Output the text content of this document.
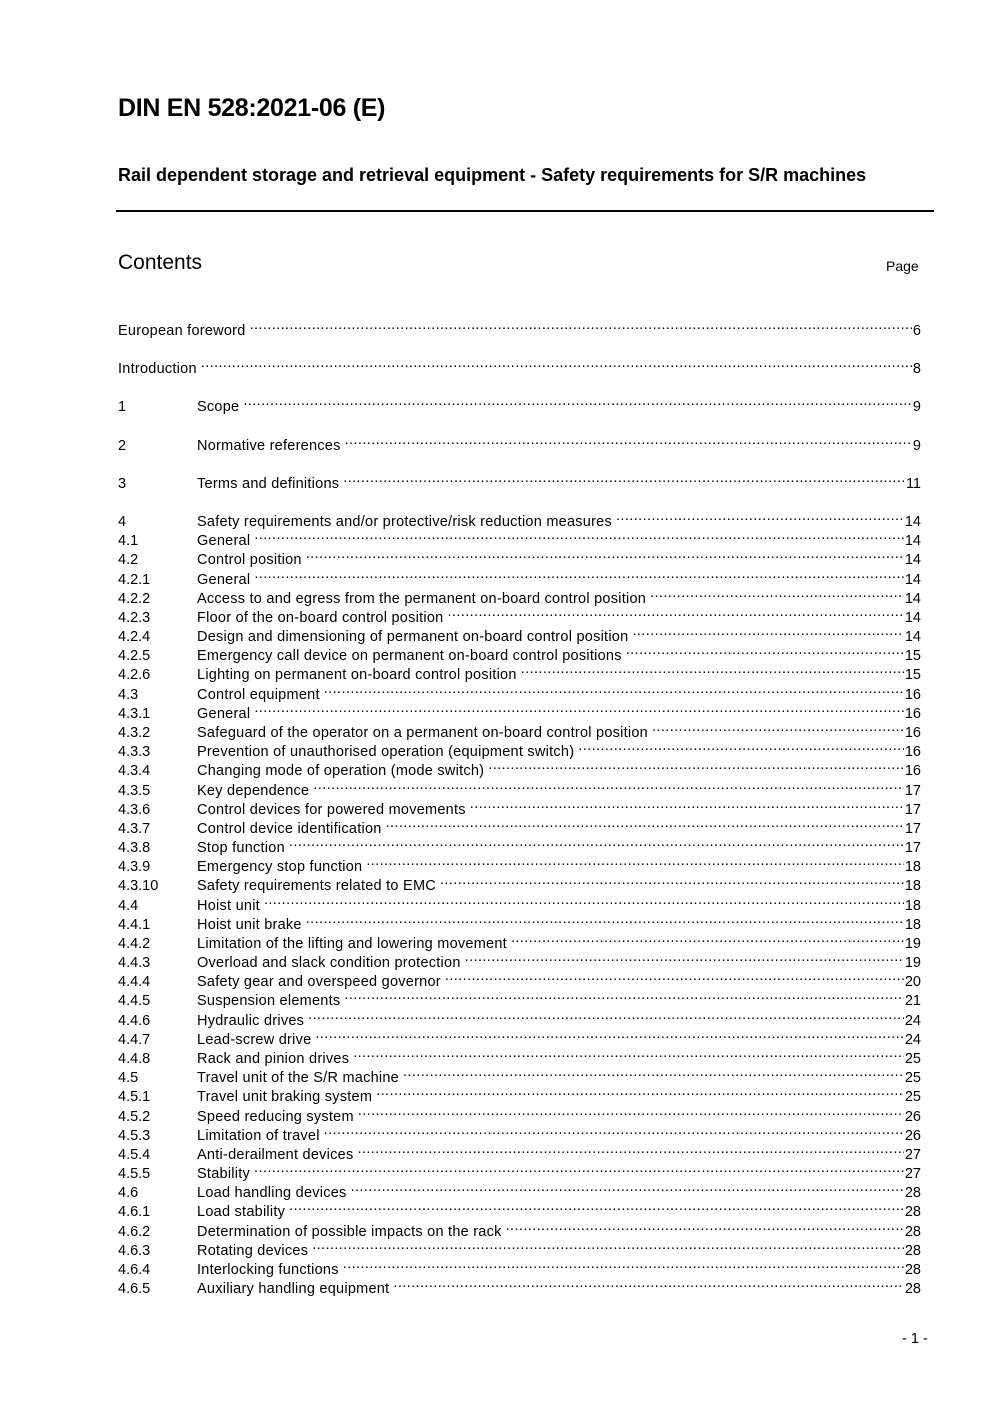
DIN EN 528:2021-06 (E)
Rail dependent storage and retrieval equipment - Safety requirements for S/R machines
Contents	Page
European foreword .....	6
Introduction .....	8
1	Scope .....	9
2	Normative references .....	9
3	Terms and definitions .....	11
4	Safety requirements and/or protective/risk reduction measures .....	14
4.1	General .....	14
4.2	Control position .....	14
4.2.1	General .....	14
4.2.2	Access to and egress from the permanent on-board control position .....	14
4.2.3	Floor of the on-board control position .....	14
4.2.4	Design and dimensioning of permanent on-board control position .....	14
4.2.5	Emergency call device on permanent on-board control positions .....	15
4.2.6	Lighting on permanent on-board control position .....	15
4.3	Control equipment .....	16
4.3.1	General .....	16
4.3.2	Safeguard of the operator on a permanent on-board control position .....	16
4.3.3	Prevention of unauthorised operation (equipment switch) .....	16
4.3.4	Changing mode of operation (mode switch) .....	16
4.3.5	Key dependence .....	17
4.3.6	Control devices for powered movements .....	17
4.3.7	Control device identification .....	17
4.3.8	Stop function .....	17
4.3.9	Emergency stop function .....	18
4.3.10	Safety requirements related to EMC .....	18
4.4	Hoist unit .....	18
4.4.1	Hoist unit brake .....	18
4.4.2	Limitation of the lifting and lowering movement .....	19
4.4.3	Overload and slack condition protection .....	19
4.4.4	Safety gear and overspeed governor .....	20
4.4.5	Suspension elements .....	21
4.4.6	Hydraulic drives .....	24
4.4.7	Lead-screw drive .....	24
4.4.8	Rack and pinion drives .....	25
4.5	Travel unit of the S/R machine .....	25
4.5.1	Travel unit braking system .....	25
4.5.2	Speed reducing system .....	26
4.5.3	Limitation of travel .....	26
4.5.4	Anti-derailment devices .....	27
4.5.5	Stability .....	27
4.6	Load handling devices .....	28
4.6.1	Load stability .....	28
4.6.2	Determination of possible impacts on the rack .....	28
4.6.3	Rotating devices .....	28
4.6.4	Interlocking functions .....	28
4.6.5	Auxiliary handling equipment .....	28
- 1 -
